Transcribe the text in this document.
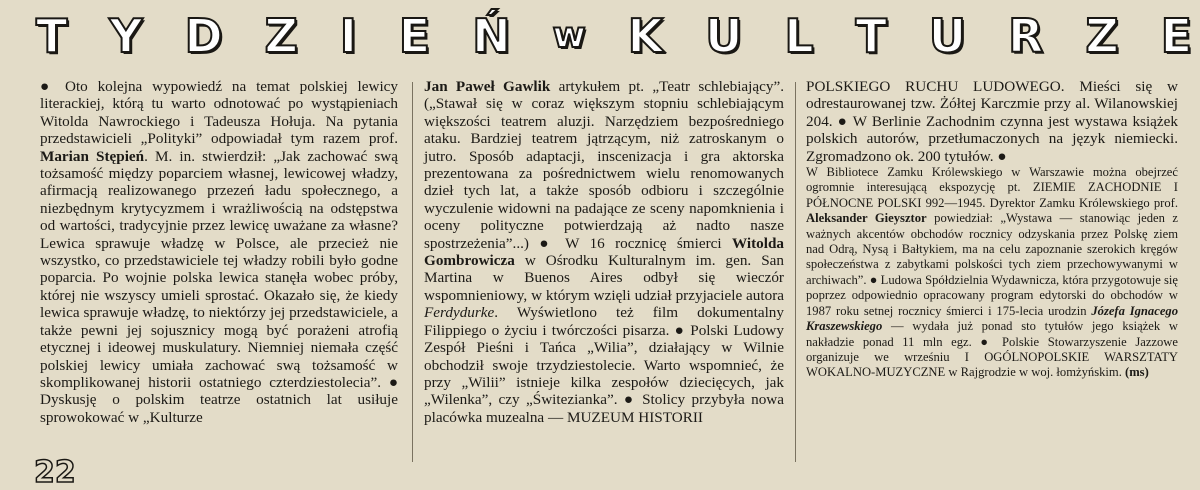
T Y D Z I E Ń w K U L T U R Z E

● Oto kolejna wypowiedź na temat polskiej lewicy literackiej, którą tu warto odnotować po wystąpieniach Witolda Nawrockiego i Tadeusza Hołuja. Na pytania przedstawicieli „Polityki” odpowiadał tym razem prof. Marian Stępień. M. in. stwierdził: „Jak zachować swą tożsamość między poparciem własnej, lewicowej władzy, afirmacją realizowanego przezeń ładu społecznego, a niezbędnym krytycyzmem i wrażliwością na odstępstwa od wartości, tradycyjnie przez lewicę uważane za własne? Lewica sprawuje władzę w Polsce, ale przecież nie wszystko, co przedstawiciele tej władzy robili było godne poparcia. Po wojnie polska lewica stanęła wobec próby, której nie wszyscy umieli sprostać. Okazało się, że kiedy lewica sprawuje władzę, to niektórzy jej przedstawiciele, a także pewni jej sojusznicy mogą być porażeni atrofią etycznej i ideowej muskulatury. Niemniej niemała część polskiej lewicy umiała zachować swą tożsamość w skomplikowanej historii ostatniego czterdziestolecia”. ● Dyskusję o polskim teatrze ostatnich lat usiłuje sprowokować w „Kulturze

Jan Paweł Gawlik artykułem pt. „Teatr schlebiający”. („Stawał się w coraz większym stopniu schlebiającym większości teatrem aluzji. Narzędziem bezpośredniego ataku. Bardziej teatrem jątrzącym, niż zatroskanym o jutro. Sposób adaptacji, inscenizacja i gra aktorska prezentowana za pośrednictwem wielu renomowanych dzieł tych lat, a także sposób odbioru i szczególnie wyczulenie widowni na padające ze sceny napomknienia i oceny polityczne potwierdzają aż nadto nasze spostrzeżenia”...) ● W 16 rocznicę śmierci Witolda Gombrowicza w Ośrodku Kulturalnym im. gen. San Martina w Buenos Aires odbył się wieczór wspomnieniowy, w którym wzięli udział przyjaciele autora Ferdydurke. Wyświetlono też film dokumentalny Filippiego o życiu i twórczości pisarza. ● Polski Ludowy Zespół Pieśni i Tańca „Wilia”, działający w Wilnie obchodził swoje trzydziestolecie. Warto wspomnieć, że przy „Wilii” istnieje kilka zespołów dziecięcych, jak „Wilenka”, czy „Świtezianka”. ● Stolicy przybyła nowa placówka muzealna — MUZEUM HISTORII

POLSKIEGO RUCHU LUDOWEGO. Mieści się w odrestaurowanej tzw. Żółtej Karczmie przy al. Wilanowskiej 204. ● W Berlinie Zachodnim czynna jest wystawa książek polskich autorów, przetłumaczonych na język niemiecki. Zgromadzono ok. 200 tytułów. ●

W Bibliotece Zamku Królewskiego w Warszawie można obejrzeć ogromnie interesującą ekspozycję pt. ZIEMIE ZACHODNIE I PÓŁNOCNE POLSKI 992—1945. Dyrektor Zamku Królewskiego prof. Aleksander Gieysztor powiedział: „Wystawa — stanowiąc jeden z ważnych akcentów obchodów rocznicy odzyskania przez Polskę ziem nad Odrą, Nysą i Bałtykiem, ma na celu zapoznanie szerokich kręgów społeczeństwa z zabytkami polskości tych ziem przechowywanymi w archiwach”. ● Ludowa Spółdzielnia Wydawnicza, która przygotowuje się poprzez odpowiednio opracowany program edytorski do obchodów w 1987 roku setnej rocznicy śmierci i 175-lecia urodzin Józefa Ignacego Kraszewskiego — wydała już ponad sto tytułów jego książek w nakładzie ponad 11 mln egz. ● Polskie Stowarzyszenie Jazzowe organizuje we wrześniu I OGÓLNOPOLSKIE WARSZTATY WOKALNO-MUZYCZNE w Rajgrodzie w woj. łomżyńskim. (ms)

22
